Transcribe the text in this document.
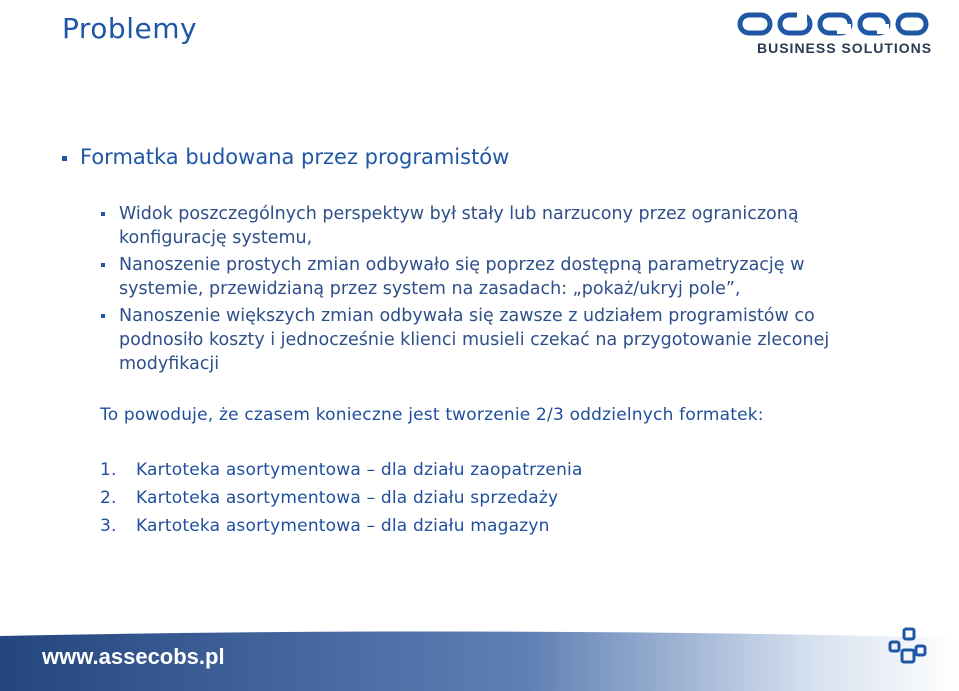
Problemy
BUSINESS SOLUTIONS
Formatka budowana przez programistów
Widok poszczególnych perspektyw był stały lub narzucony przez ograniczoną
konfigurację systemu,
Nanoszenie prostych zmian odbywało się poprzez dostępną parametryzację w
systemie, przewidzianą przez system na zasadach: „pokaż/ukryj pole”,
Nanoszenie większych zmian odbywała się zawsze z udziałem programistów co
podnosiło koszty i jednocześnie klienci musieli czekać na przygotowanie zleconej
modyfikacji
To powoduje, że czasem konieczne jest tworzenie 2/3 oddzielnych formatek:
1. Kartoteka asortymentowa – dla działu zaopatrzenia
2. Kartoteka asortymentowa – dla działu sprzedaży
3. Kartoteka asortymentowa – dla działu magazyn
www.assecobs.pl
